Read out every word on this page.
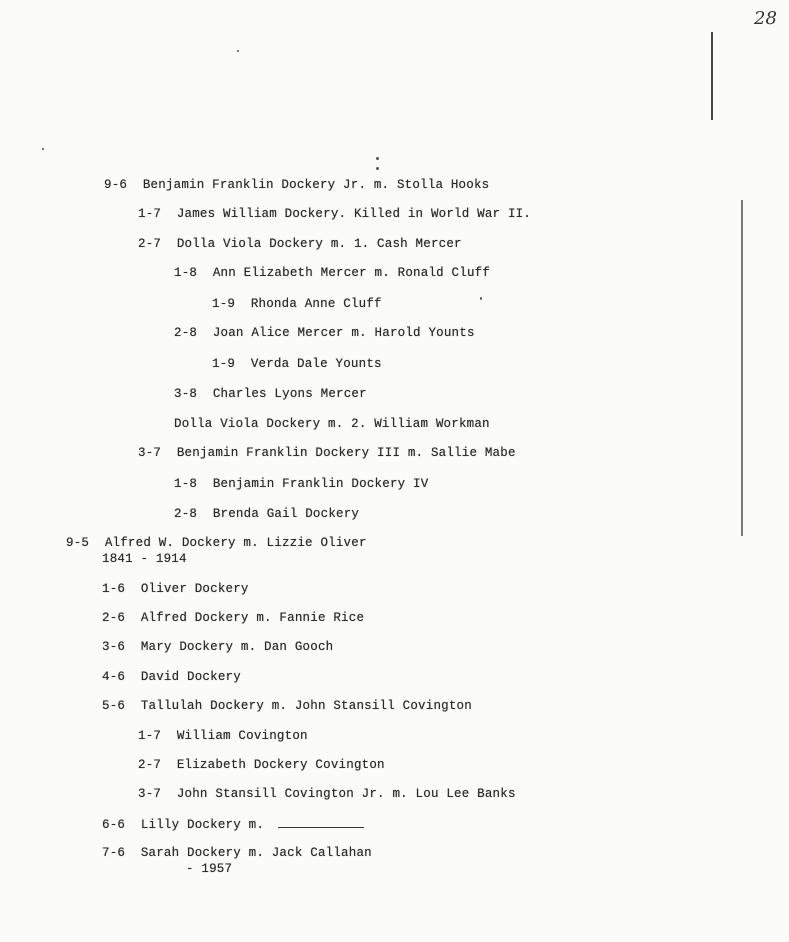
28
9-6 Benjamin Franklin Dockery Jr. m. Stolla Hooks
1-7 James William Dockery. Killed in World War II.
2-7 Dolla Viola Dockery m. 1. Cash Mercer
1-8 Ann Elizabeth Mercer m. Ronald Cluff
1-9 Rhonda Anne Cluff
2-8 Joan Alice Mercer m. Harold Younts
1-9 Verda Dale Younts
3-8 Charles Lyons Mercer
Dolla Viola Dockery m. 2. William Workman
3-7 Benjamin Franklin Dockery III m. Sallie Mabe
1-8 Benjamin Franklin Dockery IV
2-8 Brenda Gail Dockery
9-5 Alfred W. Dockery m. Lizzie Oliver
1841 - 1914
1-6 Oliver Dockery
2-6 Alfred Dockery m. Fannie Rice
3-6 Mary Dockery m. Dan Gooch
4-6 David Dockery
5-6 Tallulah Dockery m. John Stansill Covington
1-7 William Covington
2-7 Elizabeth Dockery Covington
3-7 John Stansill Covington Jr. m. Lou Lee Banks
6-6 Lilly Dockery m.
7-6 Sarah Dockery m. Jack Callahan
- 1957
